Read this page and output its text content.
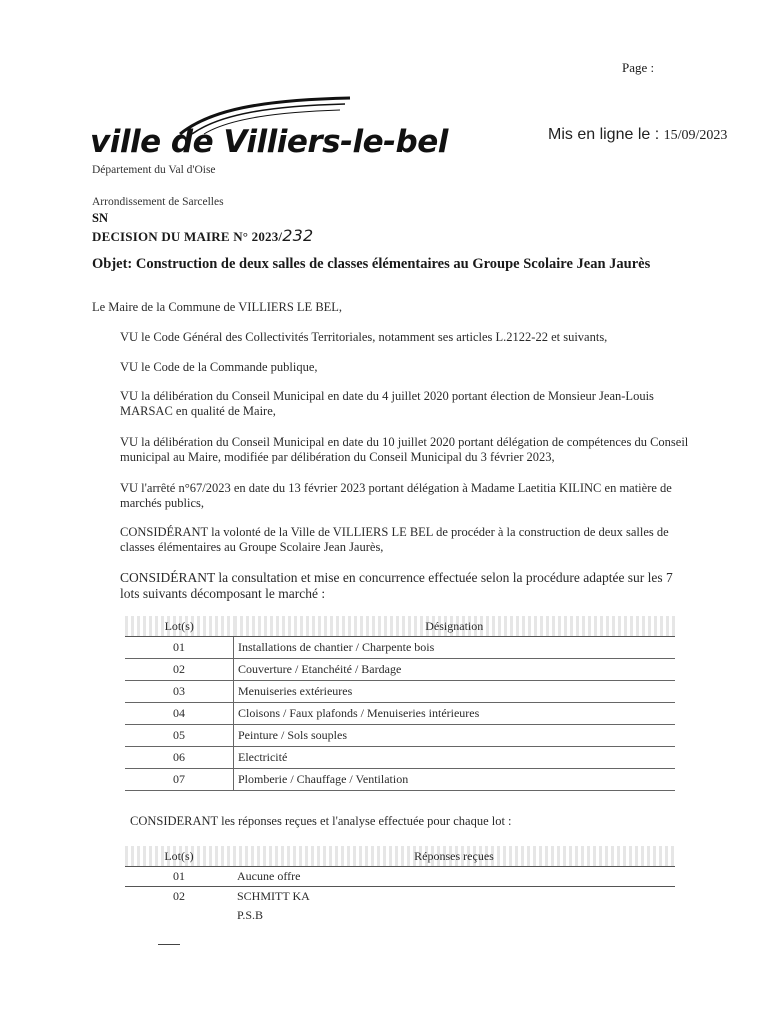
Page :
ville de Villiers-le-bel	Mis en ligne le : 15/09/2023
Département du Val d'Oise
Arrondissement de Sarcelles
SN
DECISION DU MAIRE N° 2023/232
Objet: Construction de deux salles de classes élémentaires au Groupe Scolaire Jean Jaurès
Le Maire de la Commune de VILLIERS LE BEL,
VU le Code Général des Collectivités Territoriales, notamment ses articles L.2122-22 et suivants,
VU le Code de la Commande publique,
VU la délibération du Conseil Municipal en date du 4 juillet 2020 portant élection de Monsieur Jean-Louis MARSAC en qualité de Maire,
VU la délibération du Conseil Municipal en date du 10 juillet 2020 portant délégation de compétences du Conseil municipal au Maire, modifiée par délibération du Conseil Municipal du 3 février 2023,
VU l'arrêté n°67/2023 en date du 13 février 2023 portant délégation à Madame Laetitia KILINC en matière de marchés publics,
CONSIDÉRANT la volonté de la Ville de VILLIERS LE BEL de procéder à la construction de deux salles de classes élémentaires au Groupe Scolaire Jean Jaurès,
CONSIDÉRANT la consultation et mise en concurrence effectuée selon la procédure adaptée sur les 7 lots suivants décomposant le marché :
Lot(s)	Désignation
01	Installations de chantier / Charpente bois
02	Couverture / Etanchéité / Bardage
03	Menuiseries extérieures
04	Cloisons / Faux plafonds / Menuiseries intérieures
05	Peinture / Sols souples
06	Electricité
07	Plomberie / Chauffage / Ventilation
CONSIDERANT les réponses reçues et l'analyse effectuée pour chaque lot :
Lot(s)	Réponses reçues
01	Aucune offre
02	SCHMITT KA
	P.S.B
